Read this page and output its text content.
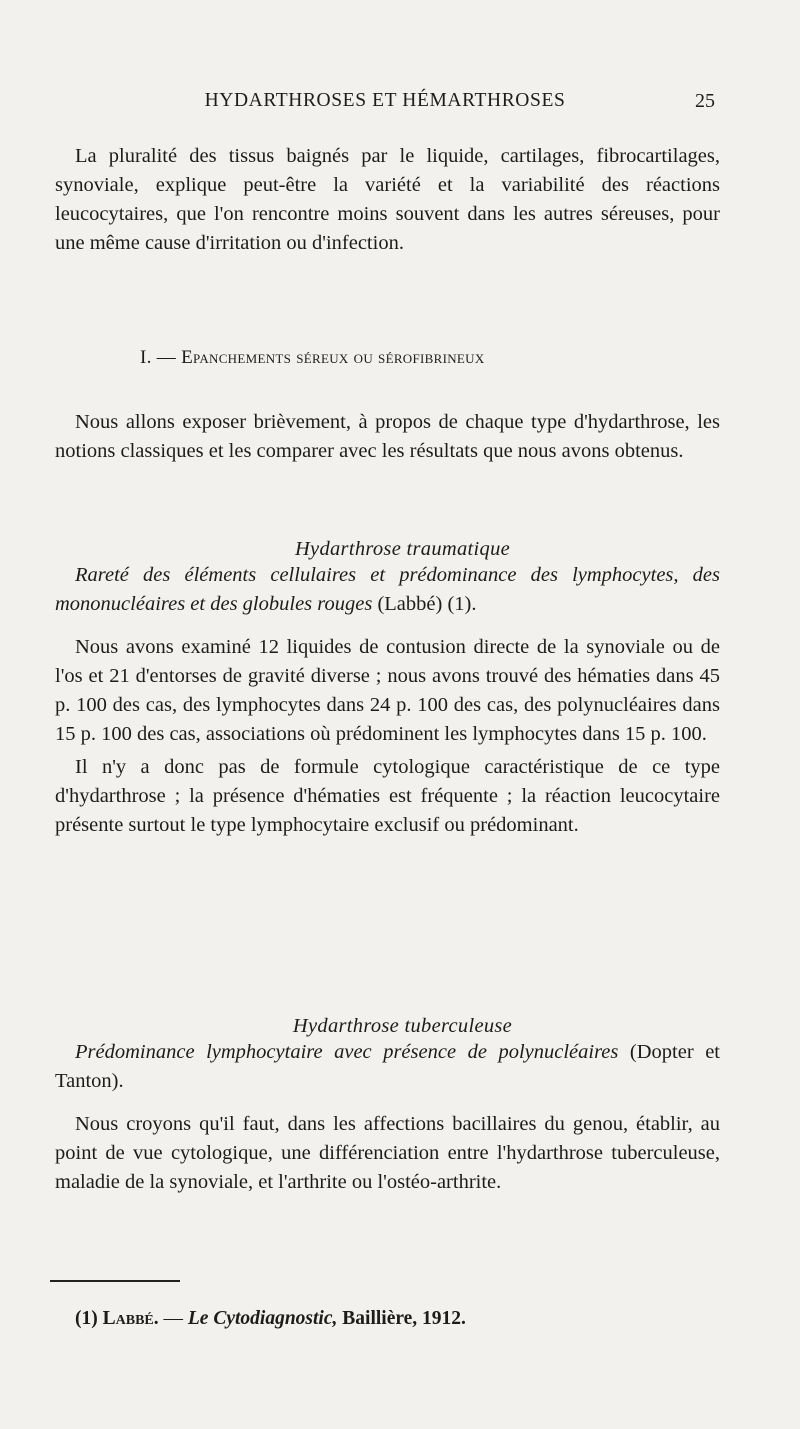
HYDARTHROSES ET HÉMARTHROSES	25

La pluralité des tissus baignés par le liquide, cartilages, fibrocartilages, synoviale, explique peut-être la variété et la variabilité des réactions leucocytaires, que l'on rencontre moins souvent dans les autres séreuses, pour une même cause d'irritation ou d'infection.

I. — Epanchements séreux ou sérofibrineux

Nous allons exposer brièvement, à propos de chaque type d'hydarthrose, les notions classiques et les comparer avec les résultats que nous avons obtenus.

Hydarthrose traumatique

Rareté des éléments cellulaires et prédominance des lymphocytes, des mononucléaires et des globules rouges (Labbé) (1).

Nous avons examiné 12 liquides de contusion directe de la synoviale ou de l'os et 21 d'entorses de gravité diverse ; nous avons trouvé des hématies dans 45 p. 100 des cas, des lymphocytes dans 24 p. 100 des cas, des polynucléaires dans 15 p. 100 des cas, associations où prédominent les lymphocytes dans 15 p. 100.

Il n'y a donc pas de formule cytologique caractéristique de ce type d'hydarthrose ; la présence d'hématies est fréquente ; la réaction leucocytaire présente surtout le type lymphocytaire exclusif ou prédominant.

Hydarthrose tuberculeuse

Prédominance lymphocytaire avec présence de polynucléaires (Dopter et Tanton).

Nous croyons qu'il faut, dans les affections bacillaires du genou, établir, au point de vue cytologique, une différenciation entre l'hydarthrose tuberculeuse, maladie de la synoviale, et l'arthrite ou l'ostéo-arthrite.

(1) Labbé. — Le Cytodiagnostic, Baillière, 1912.
